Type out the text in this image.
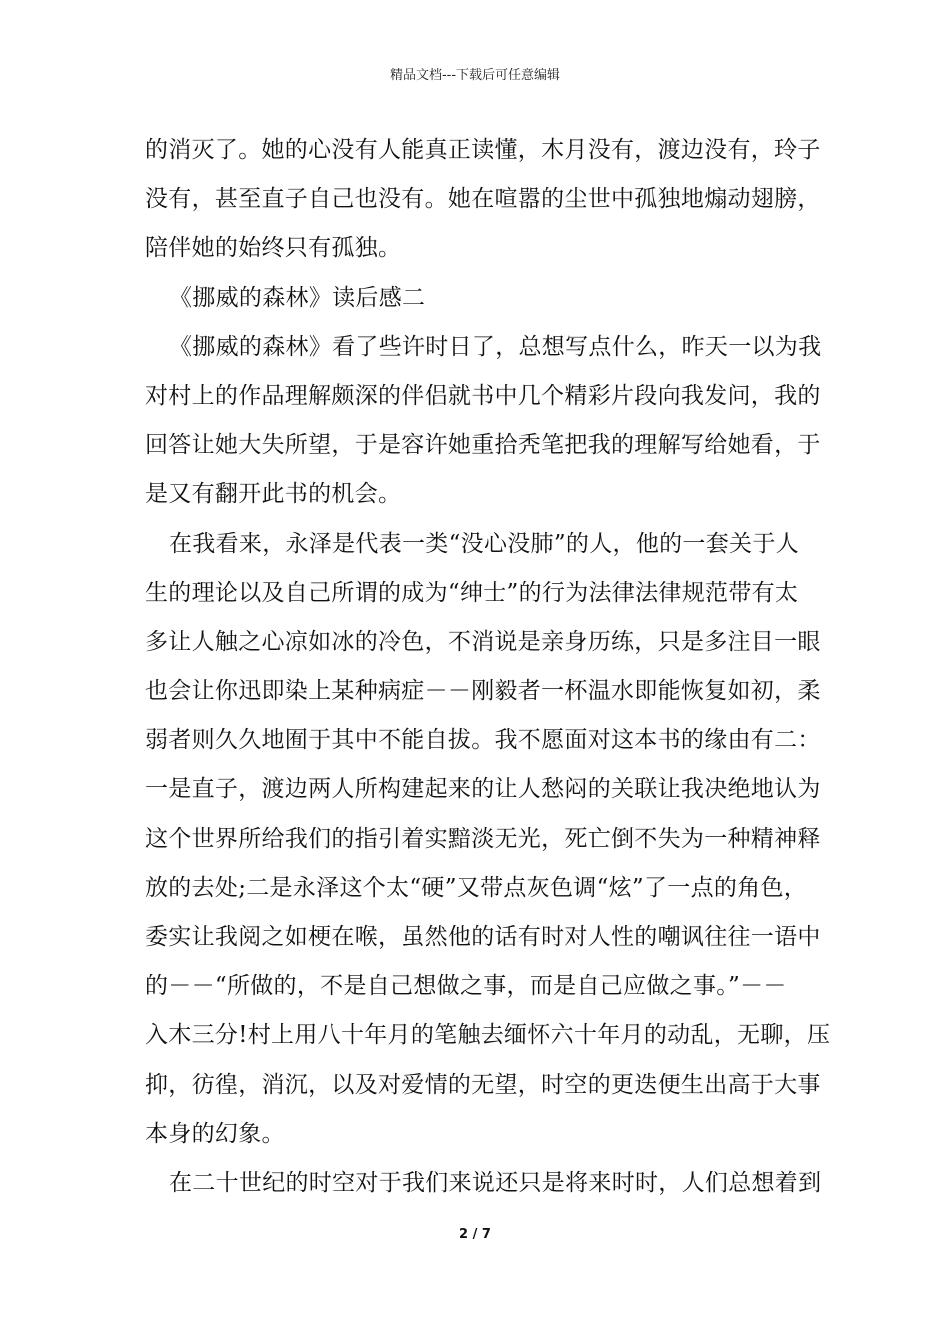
精品文档---下载后可任意编辑
的消灭了。她的心没有人能真正读懂，木月没有，渡边没有，玲子
没有，甚至直子自己也没有。她在喧嚣的尘世中孤独地煽动翅膀，
陪伴她的始终只有孤独。
《挪威的森林》读后感二
《挪威的森林》看了些许时日了，总想写点什么，昨天一以为我
对村上的作品理解颇深的伴侣就书中几个精彩片段向我发问，我的
回答让她大失所望，于是容许她重拾秃笔把我的理解写给她看，于
是又有翻开此书的机会。
在我看来，永泽是代表一类“没心没肺”的人，他的一套关于人
生的理论以及自己所谓的成为“绅士”的行为法律法律规范带有太
多让人触之心凉如冰的冷色，不消说是亲身历练，只是多注目一眼
也会让你迅即染上某种病症－－刚毅者一杯温水即能恢复如初，柔
弱者则久久地囿于其中不能自拔。我不愿面对这本书的缘由有二：
一是直子，渡边两人所构建起来的让人愁闷的关联让我决绝地认为
这个世界所给我们的指引着实黯淡无光，死亡倒不失为一种精神释
放的去处;二是永泽这个太“硬”又带点灰色调“炫”了一点的角色，
委实让我阅之如梗在喉，虽然他的话有时对人性的嘲讽往往一语中
的－－“所做的，不是自己想做之事，而是自己应做之事。”－－
入木三分!村上用八十年月的笔触去缅怀六十年月的动乱，无聊，压
抑，彷徨，消沉，以及对爱情的无望，时空的更迭便生出高于大事
本身的幻象。
在二十世纪的时空对于我们来说还只是将来时时，人们总想着到
2 / 7
